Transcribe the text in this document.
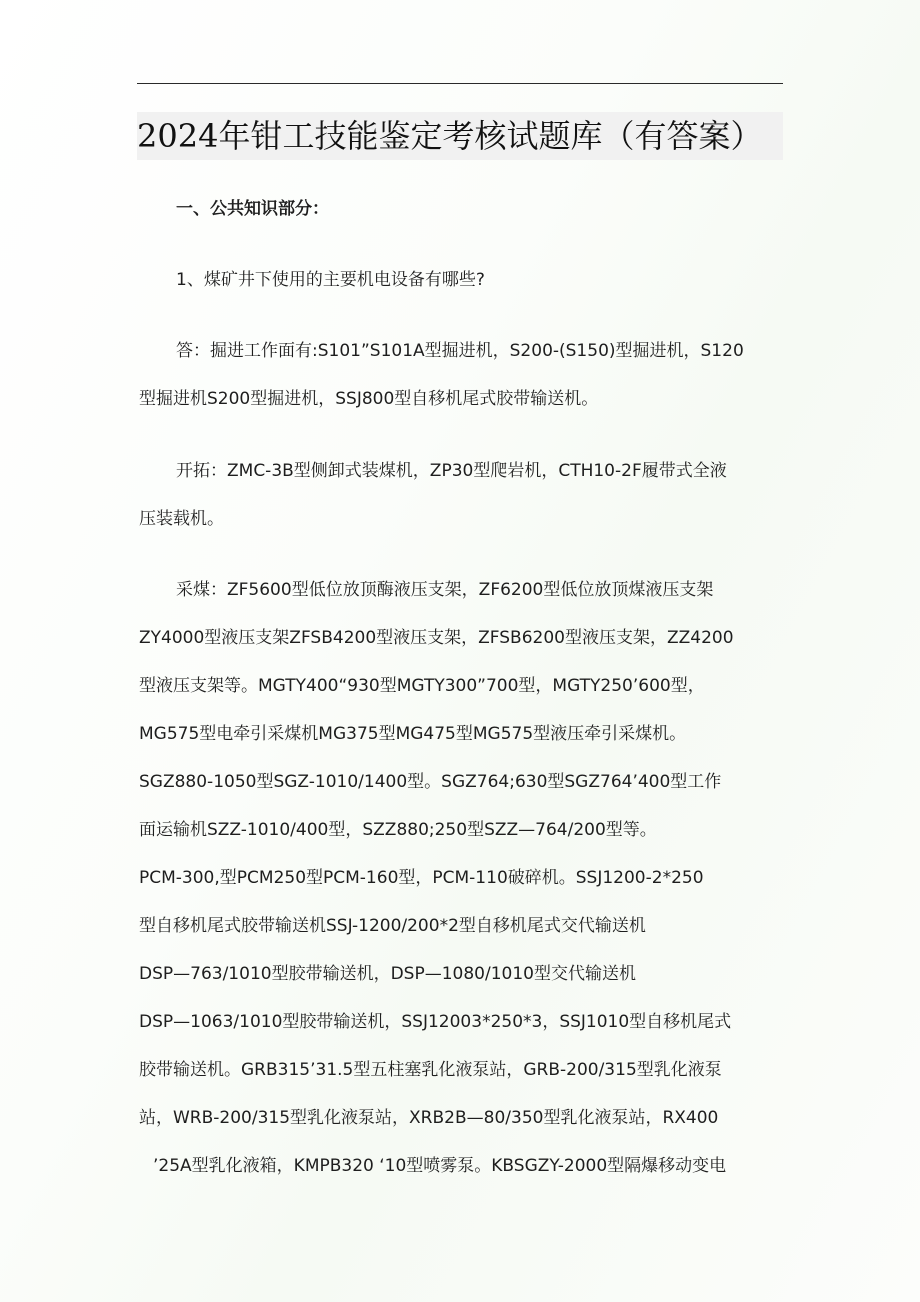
2024年钳工技能鉴定考核试题库（有答案）
一、公共知识部分：
1、煤矿井下使用的主要机电设备有哪些?
答：掘进工作面有:S101”S101A型掘进机，S200-(S150)型掘进机，S120
型掘进机S200型掘进机，SSJ800型自移机尾式胶带输送机。
开拓：ZMC-3B型侧卸式装煤机，ZP30型爬岩机，CTH10-2F履带式全液
压装载机。
采煤：ZF5600型低位放顶酶液压支架，ZF6200型低位放顶煤液压支架
ZY4000型液压支架ZFSB4200型液压支架，ZFSB6200型液压支架，ZZ4200
型液压支架等。MGTY400“930型MGTY300”700型，MGTY250’600型，
MG575型电牵引采煤机MG375型MG475型MG575型液压牵引采煤机。
SGZ880-1050型SGZ-1010/1400型。SGZ764;630型SGZ764’400型工作
面运输机SZZ-1010/400型，SZZ880;250型SZZ—764/200型等。
PCM-300,型PCM250型PCM-160型，PCM-110破碎机。SSJ1200-2*250
型自移机尾式胶带输送机SSJ-1200/200*2型自移机尾式交代输送机
DSP—763/1010型胶带输送机，DSP—1080/1010型交代输送机
DSP—1063/1010型胶带输送机，SSJ12003*250*3，SSJ1010型自移机尾式
胶带输送机。GRB315’31.5型五柱塞乳化液泵站，GRB-200/315型乳化液泵
站，WRB-200/315型乳化液泵站，XRB2B—80/350型乳化液泵站，RX400
’25A型乳化液箱，KMPB320 ‘10型喷雾泵。KBSGZY-2000型隔爆移动变电
